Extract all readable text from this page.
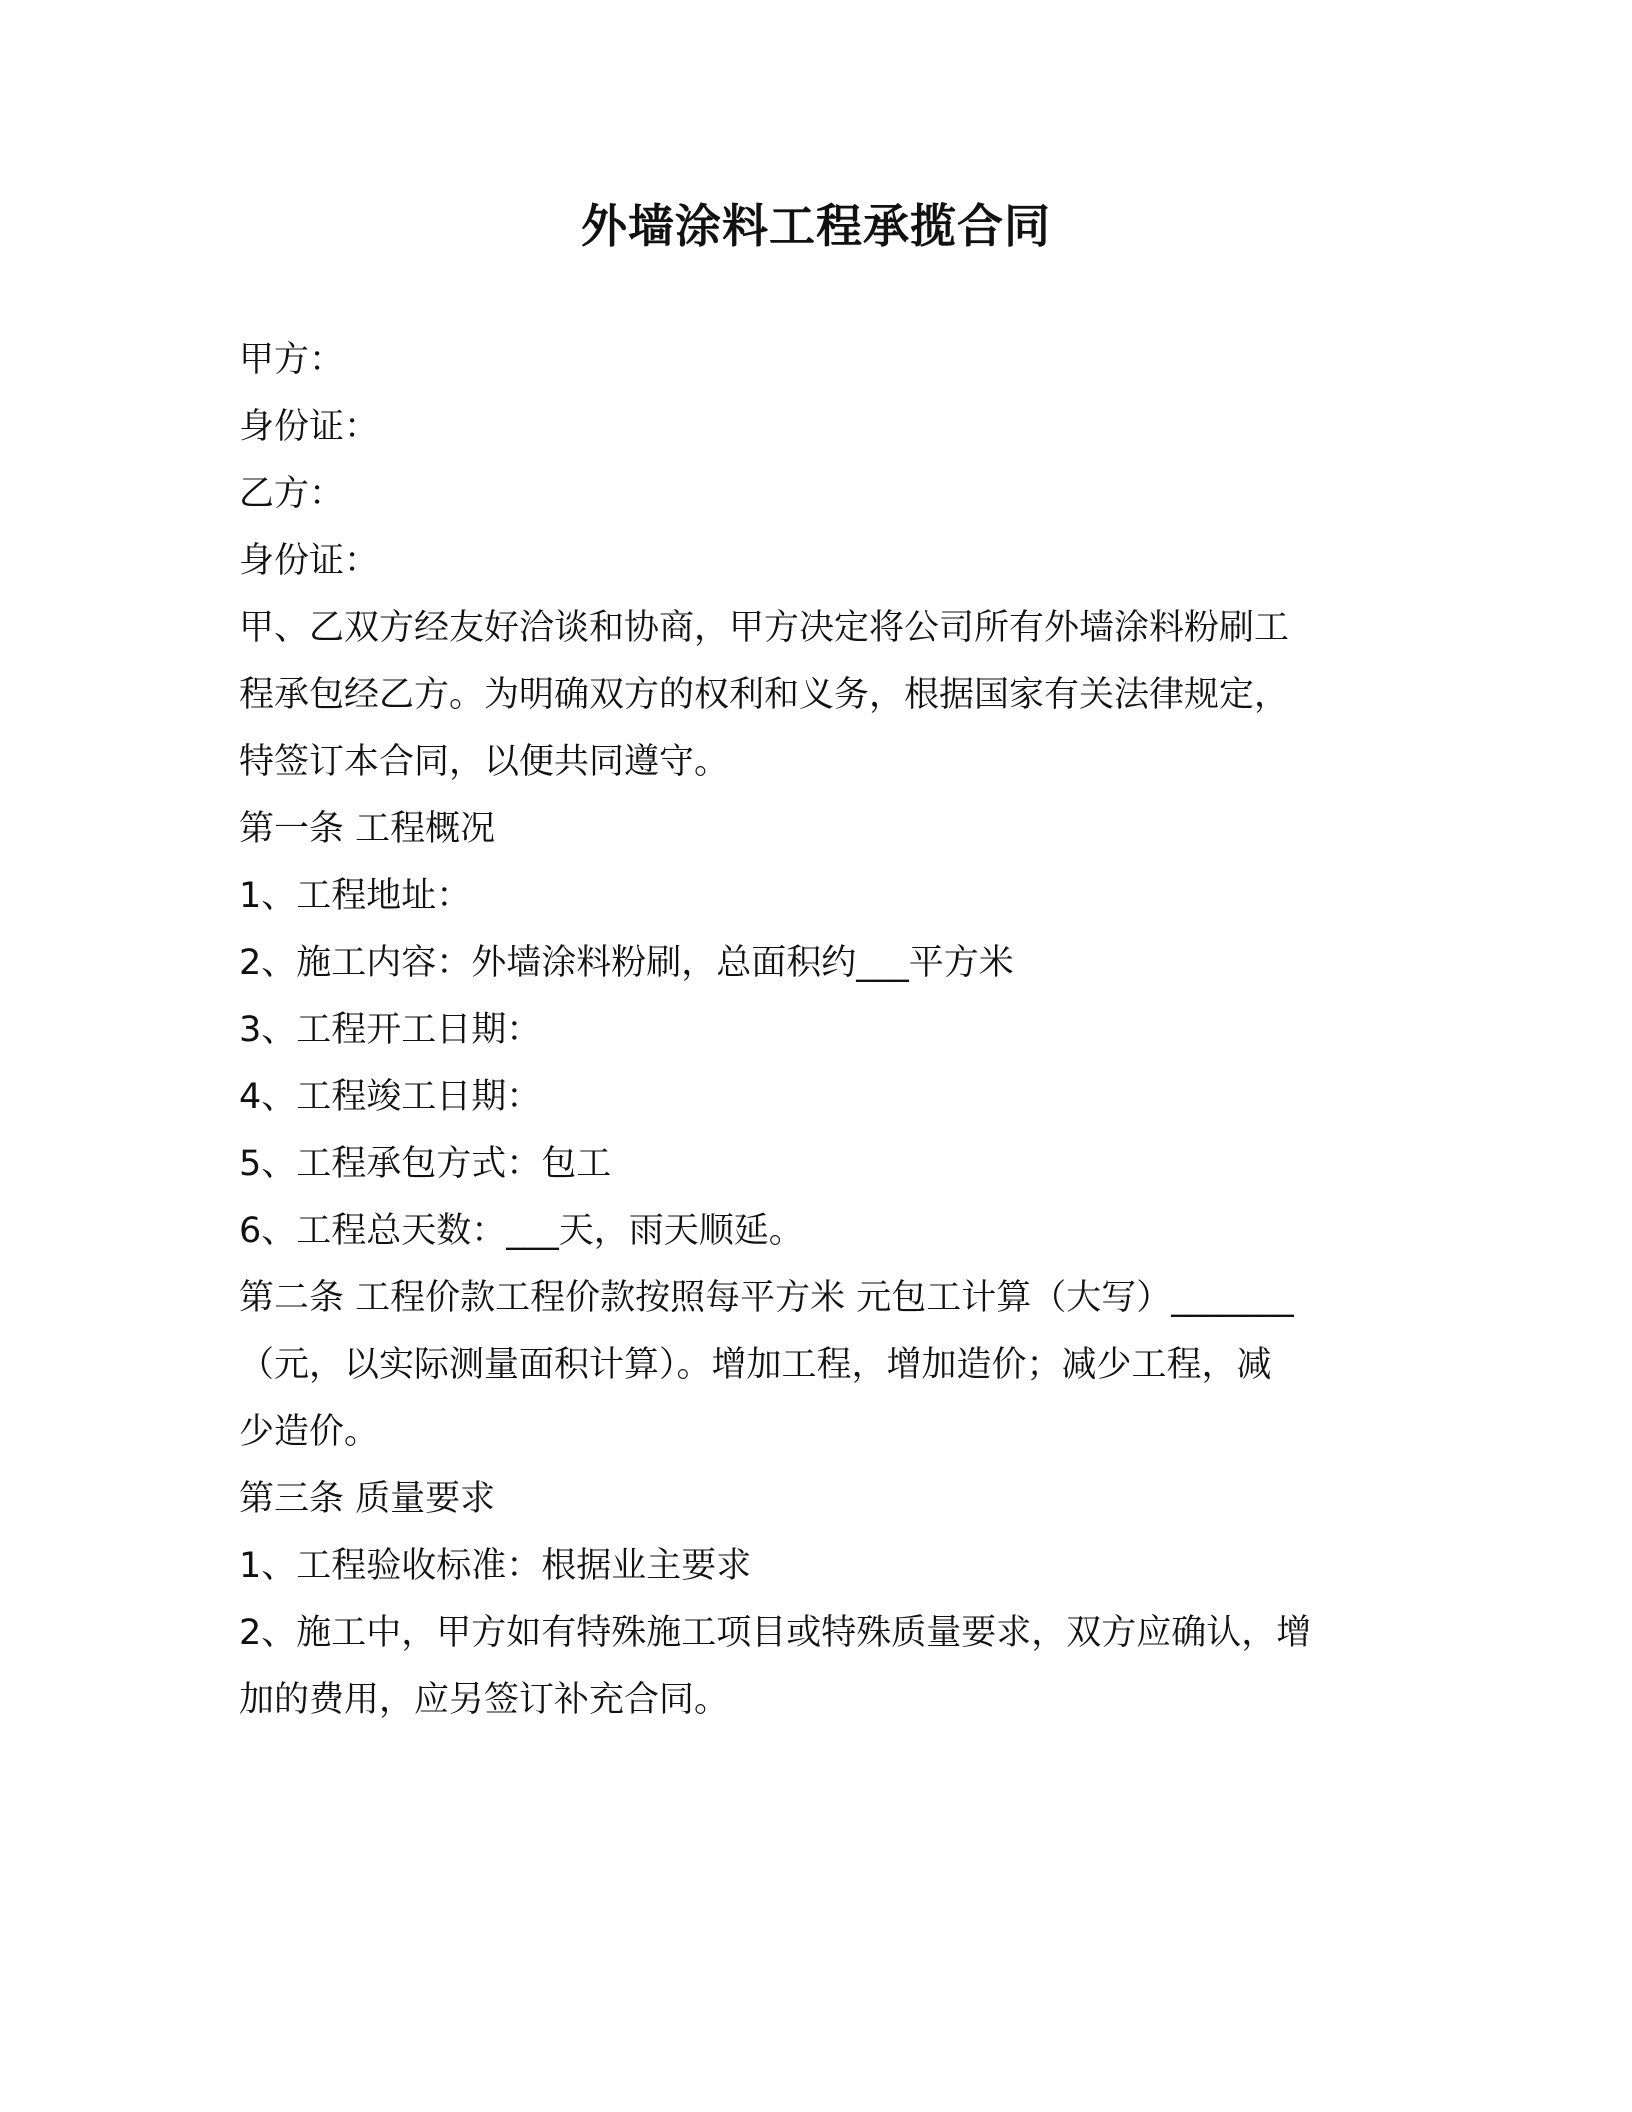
外墙涂料工程承揽合同

甲方：

身份证：

乙方：

身份证：

甲、乙双方经友好洽谈和协商，甲方决定将公司所有外墙涂料粉刷工

程承包经乙方。为明确双方的权利和义务，根据国家有关法律规定，

特签订本合同，以便共同遵守。

第一条 工程概况

1、工程地址：

2、施工内容：外墙涂料粉刷，总面积约___平方米

3、工程开工日期：

4、工程竣工日期：

5、工程承包方式：包工

6、工程总天数：___天，雨天顺延。

第二条 工程价款工程价款按照每平方米 元包工计算（大写）_______

（元，以实际测量面积计算）。增加工程，增加造价；减少工程，减

少造价。

第三条 质量要求

1、工程验收标准：根据业主要求

2、施工中，甲方如有特殊施工项目或特殊质量要求，双方应确认，增

加的费用，应另签订补充合同。
